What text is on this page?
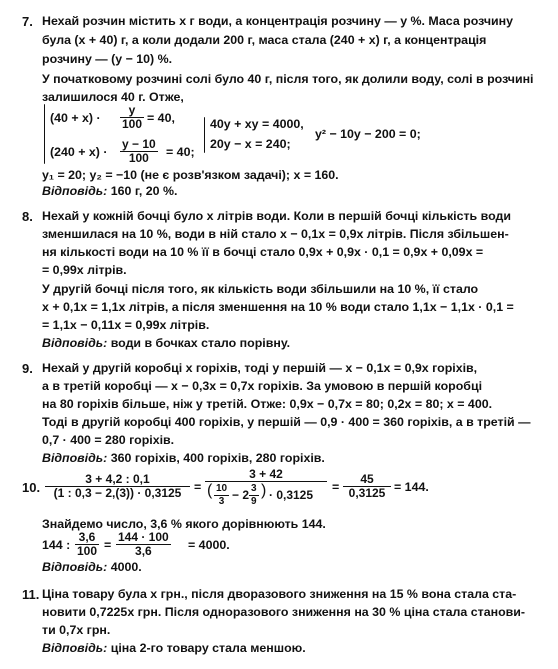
7. Нехай розчин містить x г води, а концентрація розчину — y %. Маса розчину
була (x + 40) г, а коли додали 200 г, маса стала (240 + x) г, а концентрація
розчину — (y − 10) %.
У початковому розчині солі було 40 г, після того, як долили воду, солі в розчині
залишилося 40 г. Отже,
$(40 + x) \cdot \frac{y}{100} = 40$,
$(240 + x) \cdot \frac{y - 10}{100} = 40$;
40y + xy = 4000,
20y − x = 240;
y² − 10y − 200 = 0;
y₁ = 20; y₂ = −10 (не є розв'язком задачі); x = 160.
Відповідь: 160 г, 20 %.
8. Нехай у кожній бочці було x літрів води. Коли в першій бочці кількість води
зменшилася на 10 %, води в ній стало x − 0,1x = 0,9x літрів. Після збільшен-
ня кількості води на 10 % її в бочці стало 0,9x + 0,9x · 0,1 = 0,9x + 0,09x =
= 0,99x літрів.
У другій бочці після того, як кількість води збільшили на 10 %, її стало
x + 0,1x = 1,1x літрів, а після зменшення на 10 % води стало 1,1x − 1,1x · 0,1 =
= 1,1x − 0,11x = 0,99x літрів.
Відповідь: води в бочках стало порівну.
9. Нехай у другій коробці x горіхів, тоді у першій — x − 0,1x = 0,9x горіхів,
а в третій коробці — x − 0,3x = 0,7x горіхів. За умовою в першій коробці
на 80 горіхів більше, ніж у третій. Отже: 0,9x − 0,7x = 80; 0,2x = 80; x = 400.
Тоді в другій коробці 400 горіхів, у першій — 0,9 · 400 = 360 горіхів, а в третій —
0,7 · 400 = 280 горіхів.
Відповідь: 360 горіхів, 400 горіхів, 280 горіхів.
10. $\frac{3 + 4,2 : 0,1}{(1 : 0,3 - 2,(3)) \cdot 0,3125}$ =
3 + 42
( $\frac{10}{3} - 2 \frac{3}{9}$ ) · 0,3125
= $\frac{45}{0,3125} = 144$.
Знайдемо число, 3,6 % якого дорівнюють 144.
144 : $\frac{3,6}{100} = \frac{144 \cdot 100}{3,6} = 4000$.
Відповідь: 4000.
11. Ціна товару була x грн., після дворазового зниження на 15 % вона стала ста-
новити 0,7225x грн. Після одноразового зниження на 30 % ціна стала станови-
ти 0,7x грн.
Відповідь: ціна 2-го товару стала меншою.
